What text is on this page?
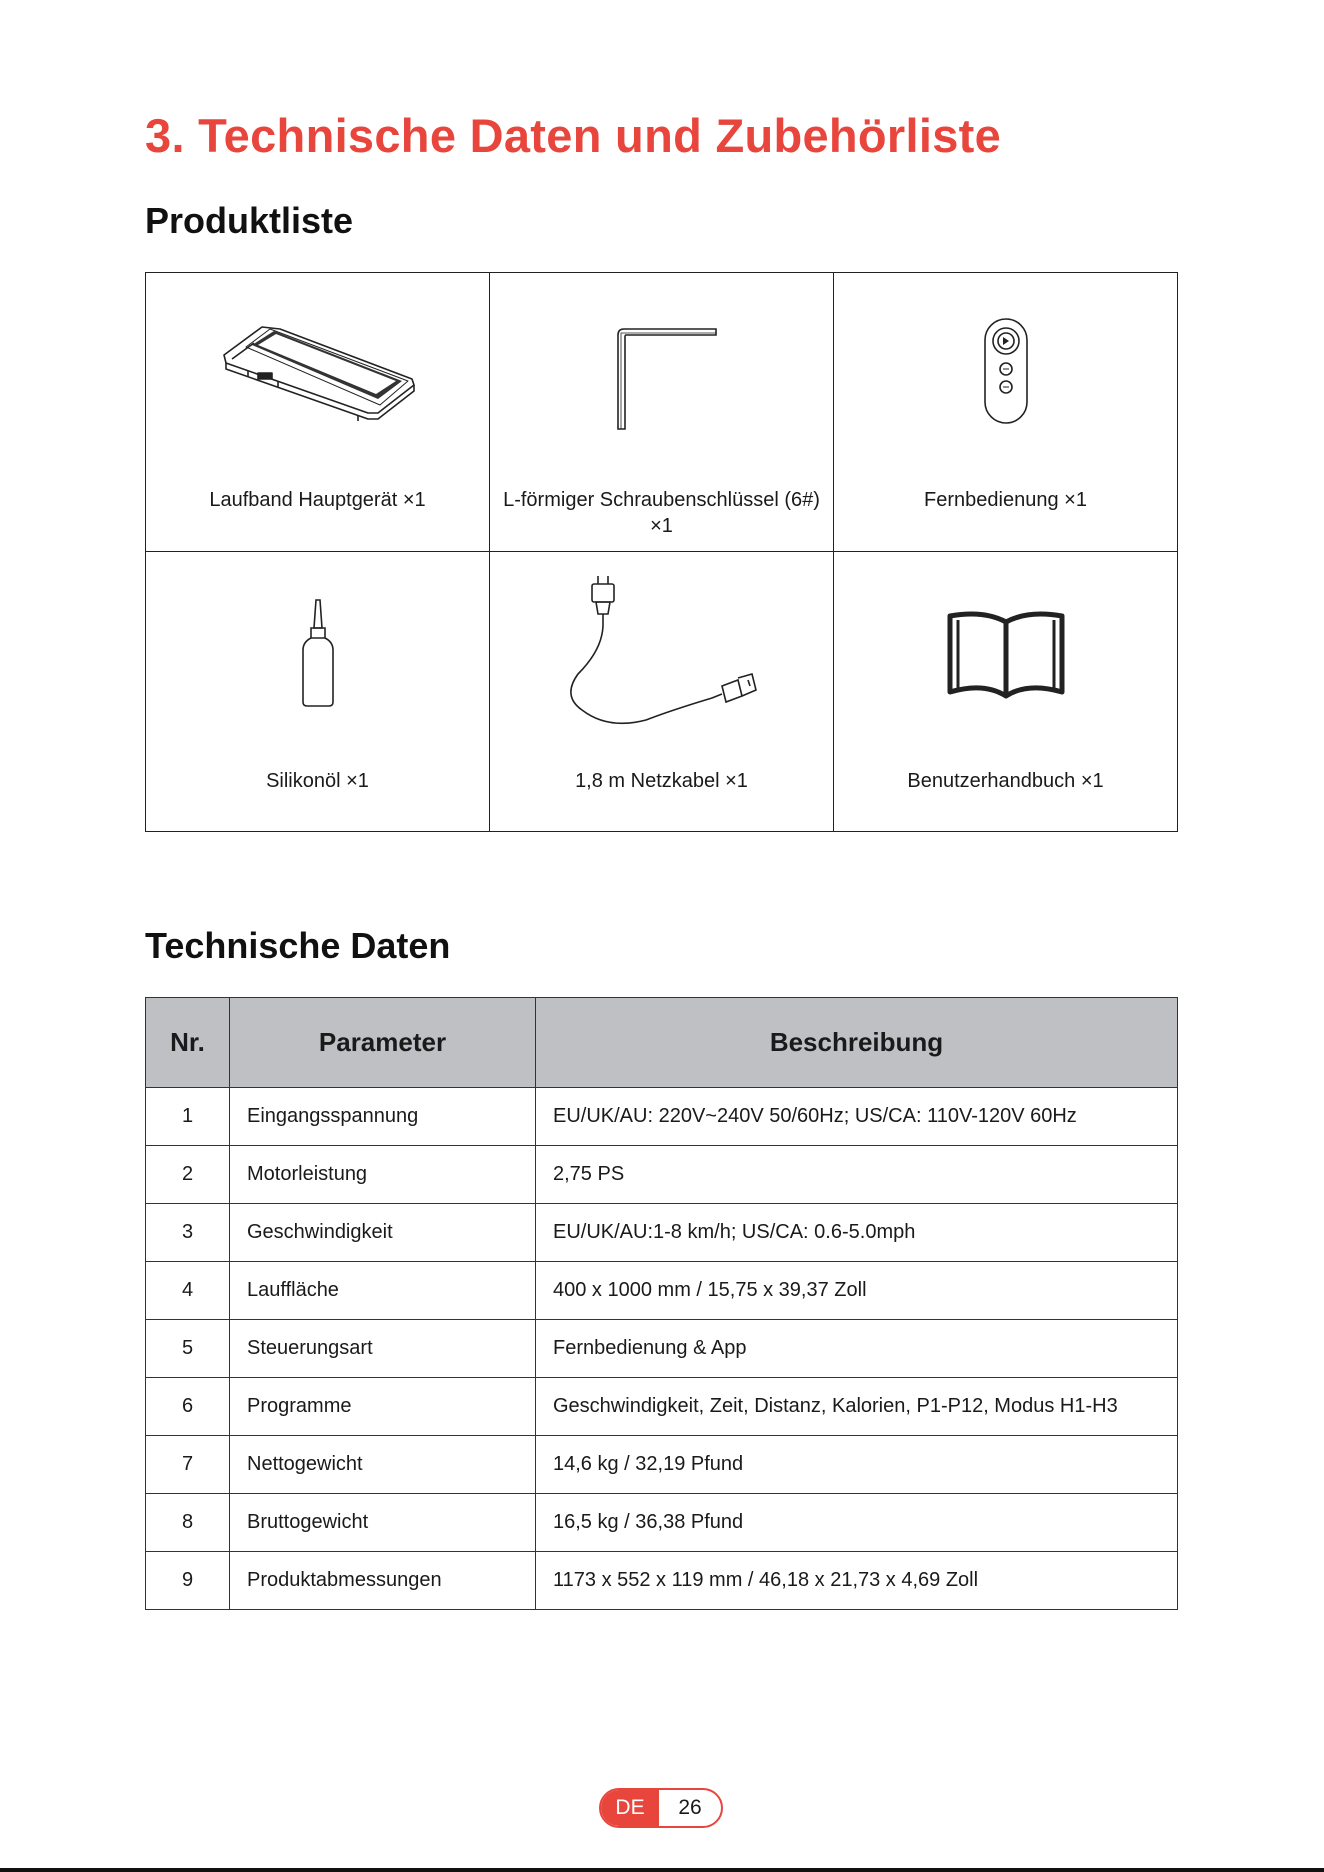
3. Technische Daten und Zubehörliste
Produktliste
Laufband Hauptgerät ×1	L-förmiger Schraubenschlüssel (6#) ×1
Fernbedienung ×1
Silikonöl ×1	1,8 m Netzkabel ×1	Benutzerhandbuch ×1
Technische Daten
Nr.	Parameter	Beschreibung
1	Eingangsspannung	EU/UK/AU: 220V~240V 50/60Hz; US/CA: 110V-120V 60Hz
2	Motorleistung	2,75 PS
3	Geschwindigkeit	EU/UK/AU:1-8 km/h; US/CA: 0.6-5.0mph
4	Lauffläche	400 x 1000 mm / 15,75 x 39,37 Zoll
5	Steuerungsart	Fernbedienung & App
6	Programme	Geschwindigkeit, Zeit, Distanz, Kalorien, P1-P12, Modus H1-H3
7	Nettogewicht	14,6 kg / 32,19 Pfund
8	Bruttogewicht	16,5 kg / 36,38 Pfund
9	Produktabmessungen	1173 x 552 x 119 mm / 46,18 x 21,73 x 4,69 Zoll
DE	26
